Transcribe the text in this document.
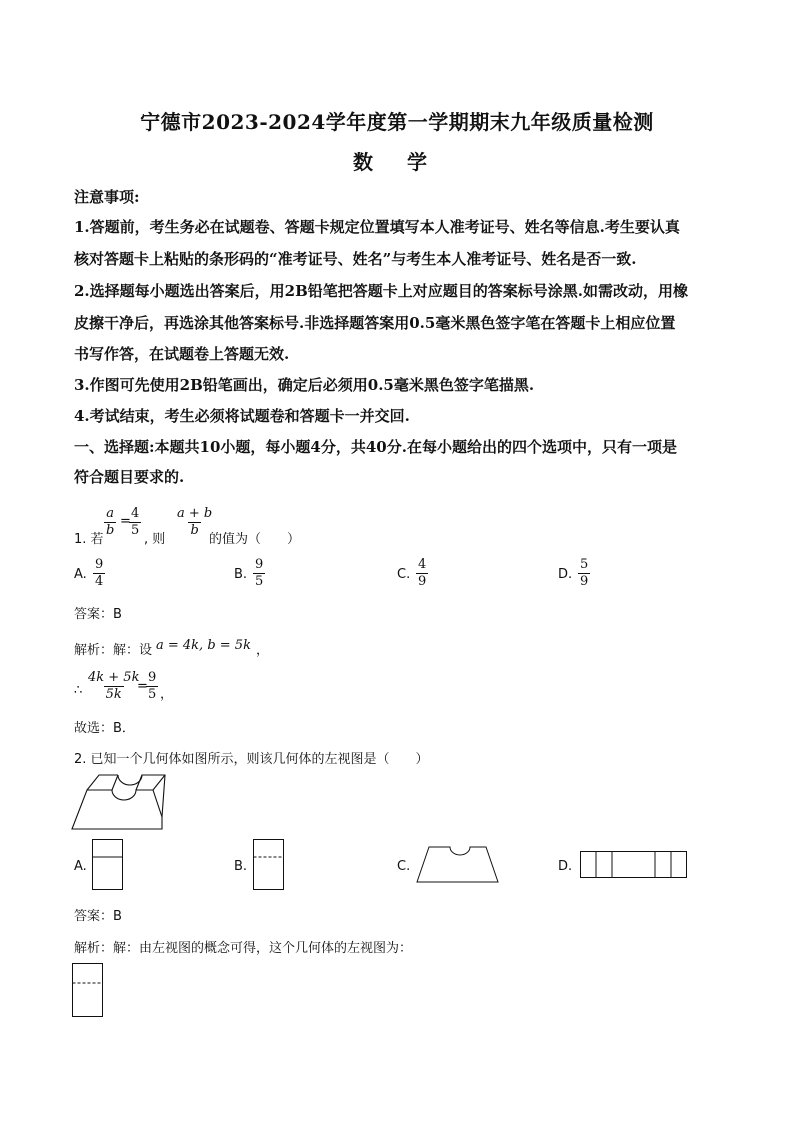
宁德市2023-2024学年度第一学期期末九年级质量检测
数学
注意事项:
1.答题前，考生务必在试题卷、答题卡规定位置填写本人准考证号、姓名等信息.考生要认真
核对答题卡上粘贴的条形码的“准考证号、姓名”与考生本人准考证号、姓名是否一致.
2.选择题每小题选出答案后，用2B铅笔把答题卡上对应题目的答案标号涂黑.如需改动，用橡
皮擦干净后，再选涂其他答案标号.非选择题答案用0.5毫米黑色签字笔在答题卡上相应位置
书写作答，在试题卷上答题无效.
3.作图可先使用2B铅笔画出，确定后必须用0.5毫米黑色签字笔描黑.
4.考试结束，考生必须将试题卷和答题卡一并交回.
一、选择题:本题共10小题，每小题4分，共40分.在每小题给出的四个选项中，只有一项是
符合题目要求的.
1. 若
$\frac{a}{b}$ =
$\frac{4}{5}$
, 则
$\frac{a + b}{b}$
的值为（　　）
A. $\frac{9}{4}$	B. $\frac{9}{5}$	C. $\frac{4}{9}$	D. $\frac{5}{9}$
答案：B
解析：解：设 a = 4k, b = 5k ，
∴ $\frac{4k + 5k}{5k}$
=
$\frac{9}{5}$ ，
故选：B．
2. 已知一个几何体如图所示，则该几何体的左视图是（　　）
A.	B.	C.	D.
答案：B
解析：解：由左视图的概念可得，这个几何体的左视图为：
